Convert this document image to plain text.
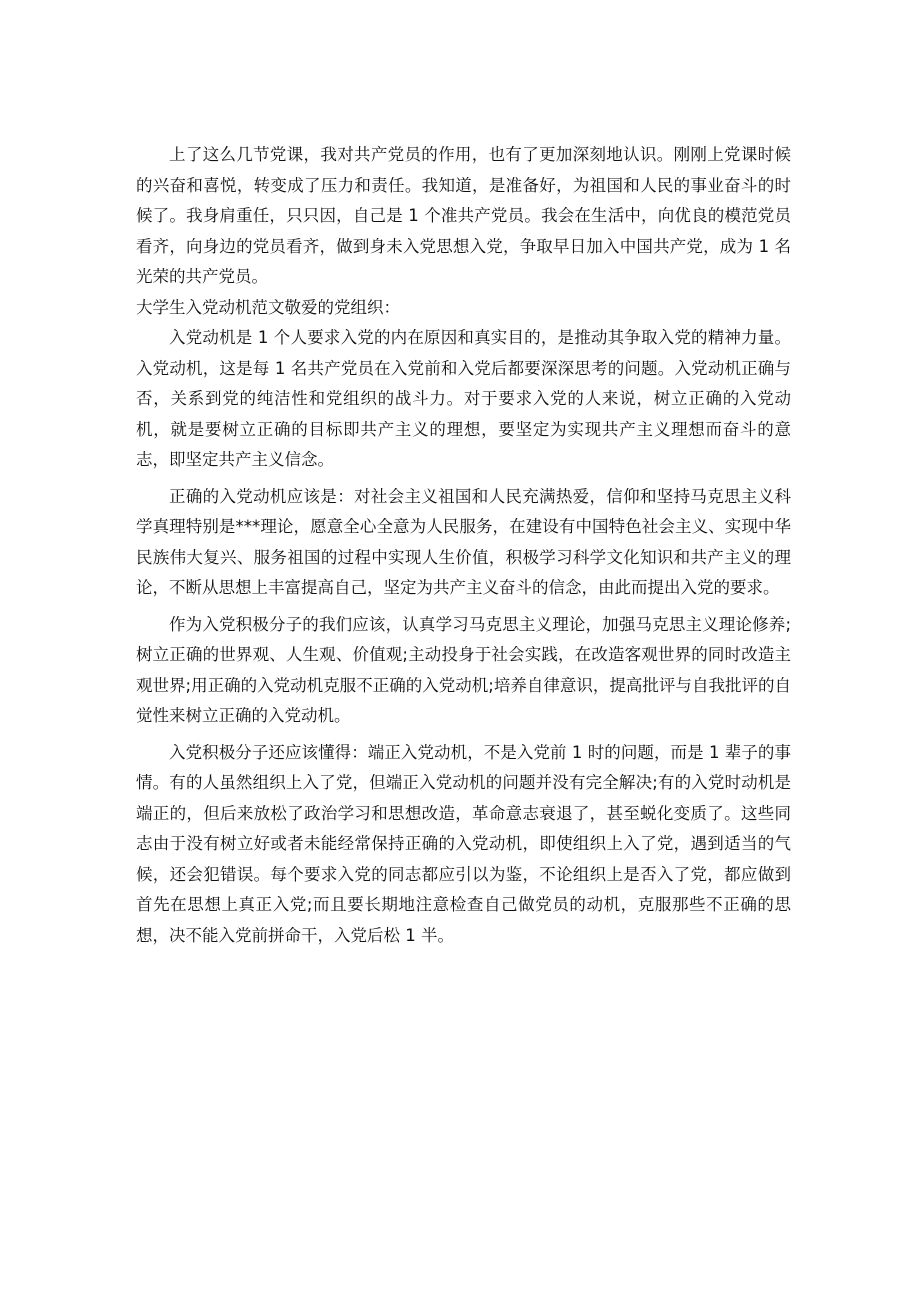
上了这么几节党课，我对共产党员的作用，也有了更加深刻地认识。刚刚上党课时候的兴奋和喜悦，转变成了压力和责任。我知道，是准备好，为祖国和人民的事业奋斗的时候了。我身肩重任，只只因，自己是 1 个准共产党员。我会在生活中，向优良的模范党员看齐，向身边的党员看齐，做到身未入党思想入党，争取早日加入中国共产党，成为 1 名光荣的共产党员。

大学生入党动机范文敬爱的党组织：

入党动机是 1 个人要求入党的内在原因和真实目的，是推动其争取入党的精神力量。入党动机，这是每 1 名共产党员在入党前和入党后都要深深思考的问题。入党动机正确与否，关系到党的纯洁性和党组织的战斗力。对于要求入党的人来说，树立正确的入党动机，就是要树立正确的目标即共产主义的理想，要坚定为实现共产主义理想而奋斗的意志，即坚定共产主义信念。

正确的入党动机应该是：对社会主义祖国和人民充满热爱，信仰和坚持马克思主义科学真理特别是***理论，愿意全心全意为人民服务，在建设有中国特色社会主义、实现中华民族伟大复兴、服务祖国的过程中实现人生价值，积极学习科学文化知识和共产主义的理论，不断从思想上丰富提高自己，坚定为共产主义奋斗的信念，由此而提出入党的要求。

作为入党积极分子的我们应该，认真学习马克思主义理论，加强马克思主义理论修养;树立正确的世界观、人生观、价值观;主动投身于社会实践，在改造客观世界的同时改造主观世界;用正确的入党动机克服不正确的入党动机;培养自律意识，提高批评与自我批评的自觉性来树立正确的入党动机。

入党积极分子还应该懂得：端正入党动机，不是入党前 1 时的问题，而是 1 辈子的事情。有的人虽然组织上入了党，但端正入党动机的问题并没有完全解决;有的入党时动机是端正的，但后来放松了政治学习和思想改造，革命意志衰退了，甚至蜕化变质了。这些同志由于没有树立好或者未能经常保持正确的入党动机，即使组织上入了党，遇到适当的气候，还会犯错误。每个要求入党的同志都应引以为鉴，不论组织上是否入了党，都应做到首先在思想上真正入党;而且要长期地注意检查自己做党员的动机，克服那些不正确的思想，决不能入党前拼命干，入党后松 1 半。
